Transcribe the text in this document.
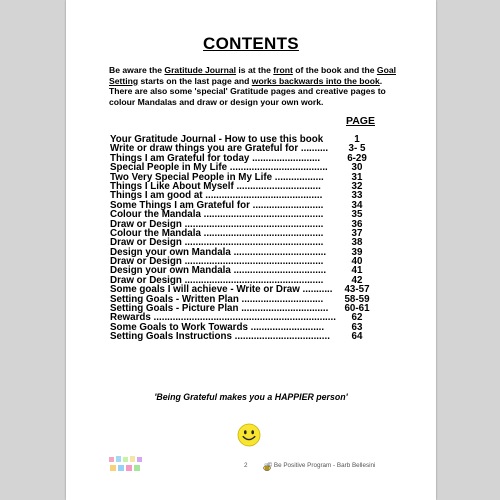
CONTENTS
Be aware the Gratitude Journal is at the front of the book and the Goal Setting starts on the last page and works backwards into the book. There are also some 'special' Gratitude pages and creative pages to colour Mandalas and draw or design your own work.
PAGE
Your Gratitude Journal - How to use this book	1
Write or draw things you are Grateful for ..........	3- 5
Things I am Grateful for today .........................	6-29
Special People in My Life ....................................	30
Two Very Special People in My Life ..................	31
Things I Like About Myself ...............................	32
Things I am good at ...........................................	33
Some Things I am Grateful for ..........................	34
Colour the Mandala ............................................	35
Draw or Design ...................................................	36
Colour the Mandala ............................................	37
Draw or Design ...................................................	38
Design your own Mandala ..................................	39
Draw or Design ...................................................	40
Design your own Mandala ..................................	41
Draw or Design ...................................................	42
Some goals I will achieve - Write or Draw ...........	43-57
Setting Goals - Written Plan ..............................	58-59
Setting Goals - Picture Plan ................................	60-61
Rewards ...................................................................	62
Some Goals to Work Towards ...........................	63
Setting Goals Instructions ...................................	64
'Being Grateful makes you a HAPPIER person'
2	© Be Positive Program - Barb Bellesini
